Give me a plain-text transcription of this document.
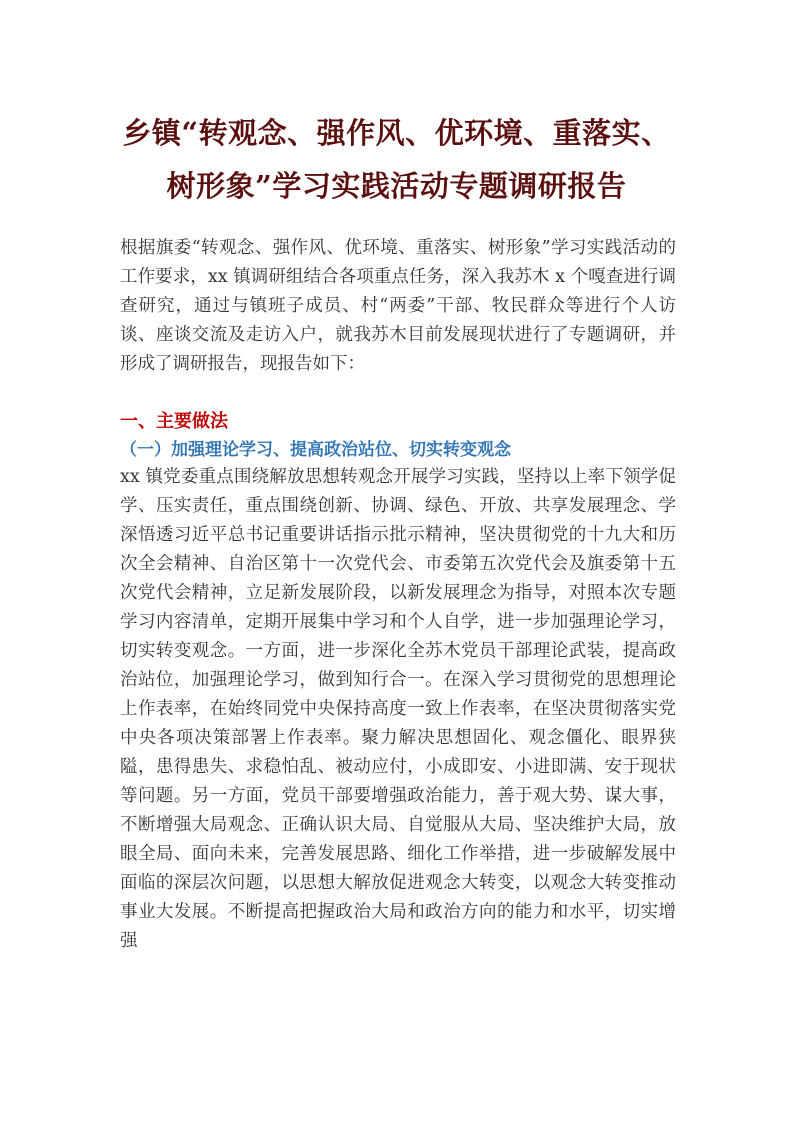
乡镇“转观念、强作风、优环境、重落实、
树形象”学习实践活动专题调研报告

根据旗委“转观念、强作风、优环境、重落实、树形象”学习实践活动的工作要求，xx 镇调研组结合各项重点任务，深入我苏木 x 个嘎查进行调查研究，通过与镇班子成员、村“两委”干部、牧民群众等进行个人访谈、座谈交流及走访入户，就我苏木目前发展现状进行了专题调研，并形成了调研报告，现报告如下：

一、主要做法
（一）加强理论学习、提高政治站位、切实转变观念

xx 镇党委重点围绕解放思想转观念开展学习实践，坚持以上率下领学促学、压实责任，重点围绕创新、协调、绿色、开放、共享发展理念、学深悟透习近平总书记重要讲话指示批示精神，坚决贯彻党的十九大和历次全会精神、自治区第十一次党代会、市委第五次党代会及旗委第十五次党代会精神，立足新发展阶段，以新发展理念为指导，对照本次专题学习内容清单，定期开展集中学习和个人自学，进一步加强理论学习，切实转变观念。一方面，进一步深化全苏木党员干部理论武装，提高政治站位，加强理论学习，做到知行合一。在深入学习贯彻党的思想理论上作表率，在始终同党中央保持高度一致上作表率，在坚决贯彻落实党中央各项决策部署上作表率。聚力解决思想固化、观念僵化、眼界狭隘，患得患失、求稳怕乱、被动应付，小成即安、小进即满、安于现状等问题。另一方面，党员干部要增强政治能力，善于观大势、谋大事，不断增强大局观念、正确认识大局、自觉服从大局、坚决维护大局，放眼全局、面向未来，完善发展思路、细化工作举措，进一步破解发展中面临的深层次问题，以思想大解放促进观念大转变，以观念大转变推动事业大发展。不断提高把握政治大局和政治方向的能力和水平，切实增强
